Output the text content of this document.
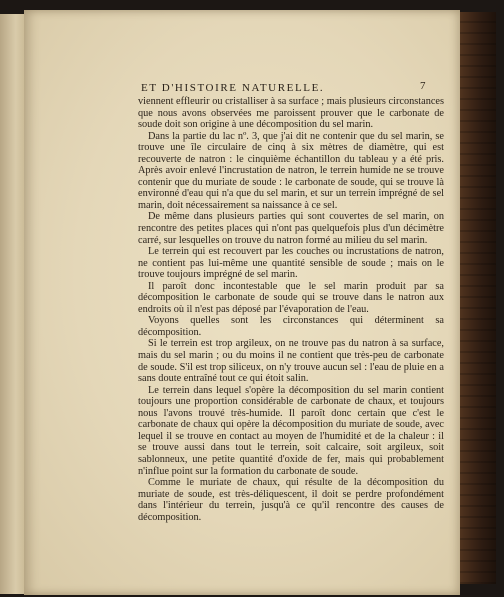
ET D'HISTOIRE NATURELLE.	7

viennent effleurir ou cristalliser à sa surface ; mais plusieurs circonstances que nous avons observées me paroissent prouver que le carbonate de soude doit son origine à une décomposition du sel marin.

Dans la partie du lac nº. 3, que j'ai dit ne contenir que du sel marin, se trouve une île circulaire de cinq à six mètres de diamètre, qui est recouverte de natron : le cinquième échantillon du tableau y a été pris. Après avoir enlevé l'incrustation de natron, le terrein humide ne se trouve contenir que du muriate de soude : le carbonate de soude, qui se trouve là environné d'eau qui n'a que du sel marin, et sur un terrein imprégné de sel marin, doit nécessairement sa naissance à ce sel.

De même dans plusieurs parties qui sont couvertes de sel marin, on rencontre des petites places qui n'ont pas quelquefois plus d'un décimètre carré, sur lesquelles on trouve du natron formé au milieu du sel marin.

Le terrein qui est recouvert par les couches ou incrustations de natron, ne contient pas lui-même une quantité sensible de soude ; mais on le trouve toujours imprégné de sel marin.

Il paroît donc incontestable que le sel marin produit par sa décomposition le carbonate de soude qui se trouve dans le natron aux endroits où il n'est pas déposé par l'évaporation de l'eau.

Voyons quelles sont les circonstances qui déterminent sa décomposition.

Si le terrein est trop argileux, on ne trouve pas du natron à sa surface, mais du sel marin ; ou du moins il ne contient que très-peu de carbonate de soude. S'il est trop siliceux, on n'y trouve aucun sel : l'eau de pluie en a sans doute entraîné tout ce qui étoit salin.

Le terrein dans lequel s'opère la décomposition du sel marin contient toujours une proportion considérable de carbonate de chaux, et toujours nous l'avons trouvé très-humide. Il paroît donc certain que c'est le carbonate de chaux qui opère la décomposition du muriate de soude, avec lequel il se trouve en contact au moyen de l'humidité et de la chaleur : il se trouve aussi dans tout le terrein, soit calcaire, soit argileux, soit sablonneux, une petite quantité d'oxide de fer, mais qui probablement n'influe point sur la formation du carbonate de soude.

Comme le muriate de chaux, qui résulte de la décomposition du muriate de soude, est très-déliquescent, il doit se perdre profondément dans l'intérieur du terrein, jusqu'à ce qu'il rencontre des causes de décomposition.
